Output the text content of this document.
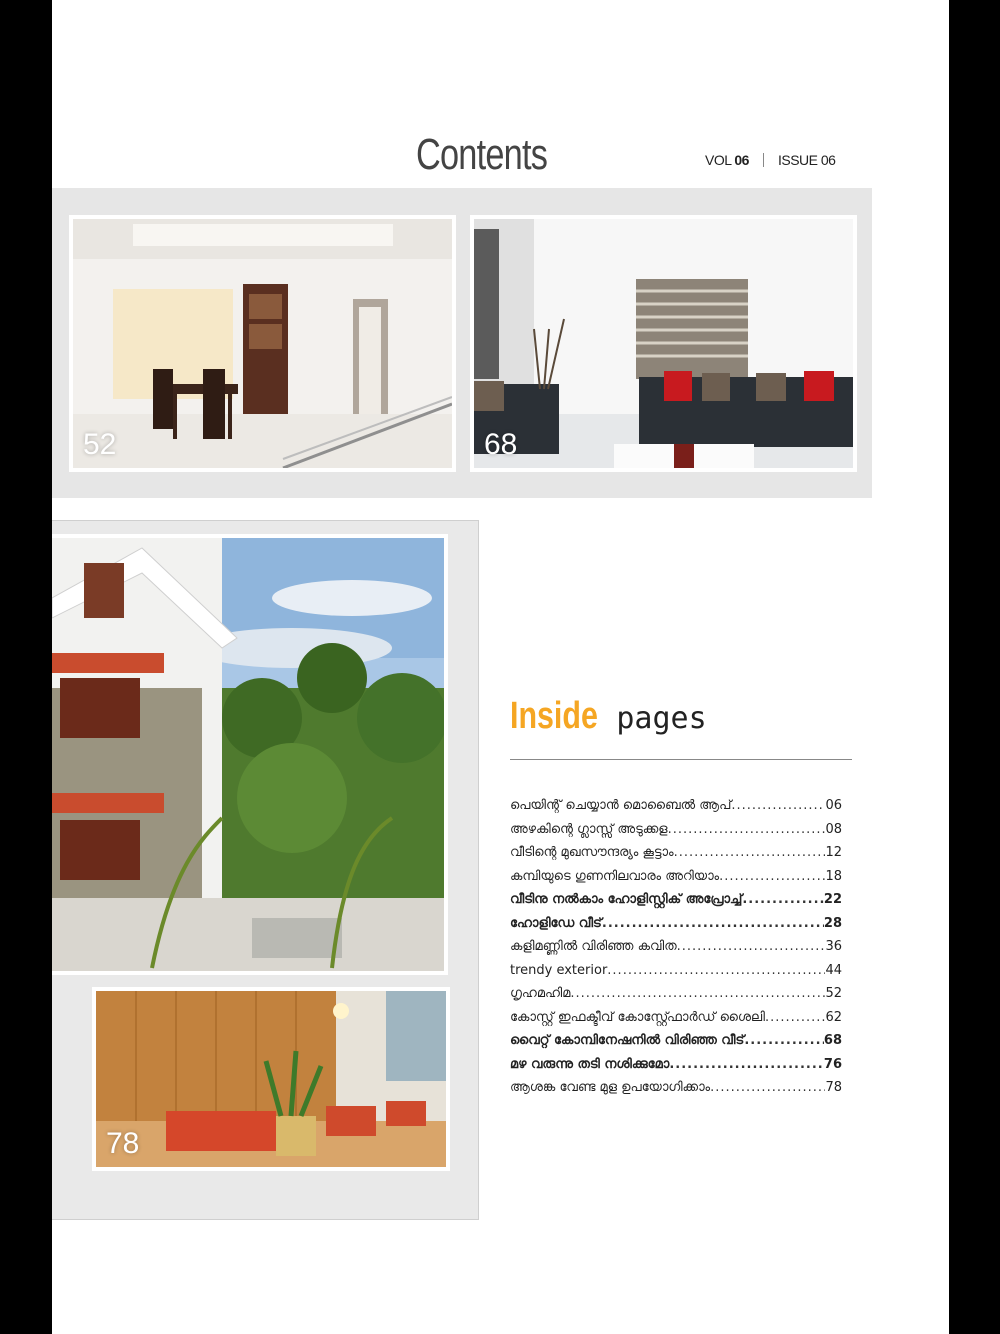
Contents	VOL 06 ISSUE 06
52	68
78
Inside pages
പെയിന്റ് ചെയ്യാൻ മൊബൈൽ ആപ് .....	06
അഴകിന്റെ ഗ്ലാസ്സ് അടുക്കള .....	08
വീടിന്റെ മുഖസൗന്ദര്യം കൂട്ടാം .....	12
കമ്പിയുടെ ഗുണനിലവാരം അറിയാം .....	18
വീടിനു നൽകാം ഹോളിസ്റ്റിക് അപ്രോച്ച് .....	22
ഹോളിഡേ വീട് .....	28
കളിമണ്ണിൽ വിരിഞ്ഞ കവിത .....	36
trendy exterior .....	44
ഗൃഹമഹിമ .....	52
കോസ്റ്റ് ഇഫക്ടീവ് കോസ്റ്റ്ഫോർഡ് ശൈലി .....	62
വൈറ്റ് കോമ്പിനേഷനിൽ വിരിഞ്ഞ വീട് .....	68
മഴ വരുന്നു തടി നശിക്കുമോ .....	76
ആശങ്ക വേണ്ട മുള ഉപയോഗിക്കാം .....	78
